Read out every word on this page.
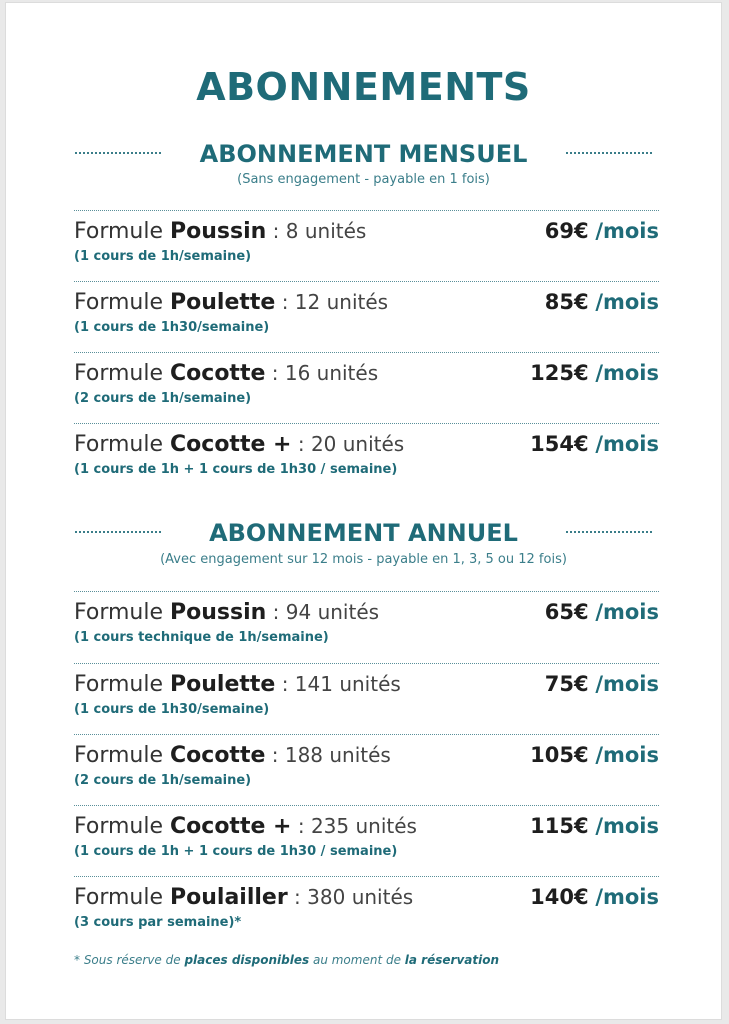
ABONNEMENTS
ABONNEMENT MENSUEL
(Sans engagement - payable en 1 fois)
Formule Poussin : 8 unités
(1 cours de 1h/semaine)
69€ /mois
Formule Poulette : 12 unités
(1 cours de 1h30/semaine)
85€ /mois
Formule Cocotte : 16 unités
(2 cours de 1h/semaine)
125€ /mois
Formule Cocotte + : 20 unités
(1 cours de 1h + 1 cours de 1h30 / semaine)
154€ /mois
ABONNEMENT ANNUEL
(Avec engagement sur 12 mois - payable en 1, 3, 5 ou 12 fois)
Formule Poussin : 94 unités
(1 cours technique de 1h/semaine)
65€ /mois
Formule Poulette : 141 unités
(1 cours de 1h30/semaine)
75€ /mois
Formule Cocotte : 188 unités
(2 cours de 1h/semaine)
105€ /mois
Formule Cocotte + : 235 unités
(1 cours de 1h + 1 cours de 1h30 / semaine)
115€ /mois
Formule Poulailler : 380 unités
(3 cours par semaine)*
140€ /mois
* Sous réserve de places disponibles au moment de la réservation
